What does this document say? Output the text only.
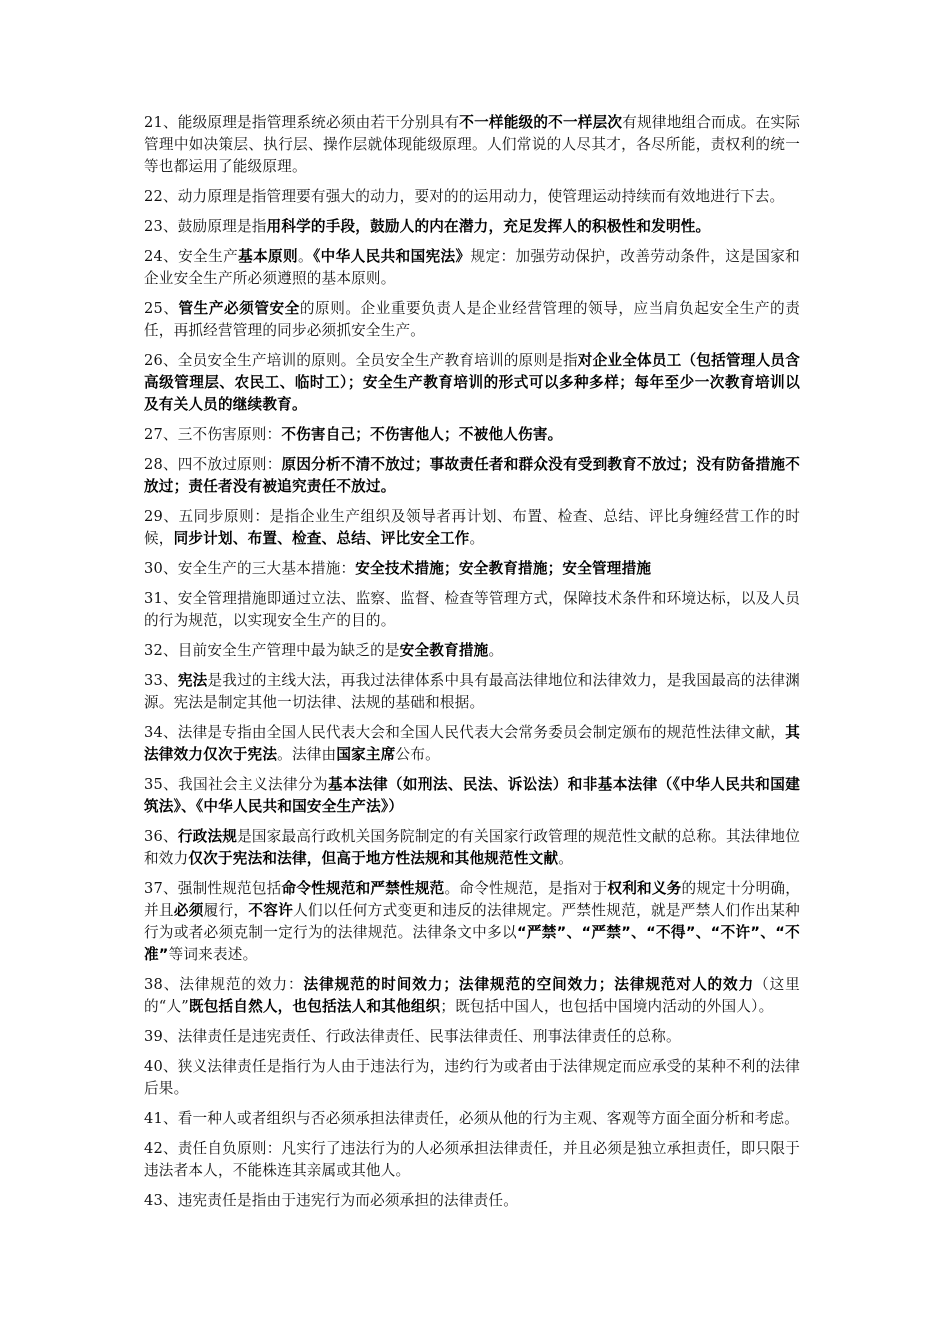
21、能级原理是指管理系统必须由若干分别具有不一样能级的不一样层次有规律地组合而成。在实际管理中如决策层、执行层、操作层就体现能级原理。人们常说的人尽其才，各尽所能，责权利的统一等也都运用了能级原理。

22、动力原理是指管理要有强大的动力，要对的的运用动力，使管理运动持续而有效地进行下去。

23、鼓励原理是指用科学的手段，鼓励人的内在潜力，充足发挥人的积极性和发明性。

24、安全生产基本原则。《中华人民共和国宪法》规定：加强劳动保护，改善劳动条件，这是国家和企业安全生产所必须遵照的基本原则。

25、管生产必须管安全的原则。企业重要负责人是企业经营管理的领导，应当肩负起安全生产的责任，再抓经营管理的同步必须抓安全生产。

26、全员安全生产培训的原则。全员安全生产教育培训的原则是指对企业全体员工（包括管理人员含高级管理层、农民工、临时工）；安全生产教育培训的形式可以多种多样；每年至少一次教育培训以及有关人员的继续教育。

27、三不伤害原则：不伤害自己；不伤害他人；不被他人伤害。

28、四不放过原则：原因分析不清不放过；事故责任者和群众没有受到教育不放过；没有防备措施不放过；责任者没有被追究责任不放过。

29、五同步原则：是指企业生产组织及领导者再计划、布置、检查、总结、评比身缠经营工作的时候，同步计划、布置、检查、总结、评比安全工作。

30、安全生产的三大基本措施：安全技术措施；安全教育措施；安全管理措施

31、安全管理措施即通过立法、监察、监督、检查等管理方式，保障技术条件和环境达标，以及人员的行为规范，以实现安全生产的目的。

32、目前安全生产管理中最为缺乏的是安全教育措施。

33、宪法是我过的主线大法，再我过法律体系中具有最高法律地位和法律效力，是我国最高的法律渊源。宪法是制定其他一切法律、法规的基础和根据。

34、法律是专指由全国人民代表大会和全国人民代表大会常务委员会制定颁布的规范性法律文献，其法律效力仅次于宪法。法律由国家主席公布。

35、我国社会主义法律分为基本法律（如刑法、民法、诉讼法）和非基本法律（《中华人民共和国建筑法》、《中华人民共和国安全生产法》）

36、行政法规是国家最高行政机关国务院制定的有关国家行政管理的规范性文献的总称。其法律地位和效力仅次于宪法和法律，但高于地方性法规和其他规范性文献。

37、强制性规范包括命令性规范和严禁性规范。命令性规范，是指对于权利和义务的规定十分明确，并且必须履行，不容许人们以任何方式变更和违反的法律规定。严禁性规范，就是严禁人们作出某种行为或者必须克制一定行为的法律规范。法律条文中多以“严禁”、“严禁”、“不得”、“不许”、“不准”等词来表述。

38、法律规范的效力：法律规范的时间效力；法律规范的空间效力；法律规范对人的效力（这里的“人”既包括自然人，也包括法人和其他组织；既包括中国人，也包括中国境内活动的外国人）。

39、法律责任是违宪责任、行政法律责任、民事法律责任、刑事法律责任的总称。

40、狭义法律责任是指行为人由于违法行为，违约行为或者由于法律规定而应承受的某种不利的法律后果。

41、看一种人或者组织与否必须承担法律责任，必须从他的行为主观、客观等方面全面分析和考虑。

42、责任自负原则：凡实行了违法行为的人必须承担法律责任，并且必须是独立承担责任，即只限于违法者本人，不能株连其亲属或其他人。

43、违宪责任是指由于违宪行为而必须承担的法律责任。
